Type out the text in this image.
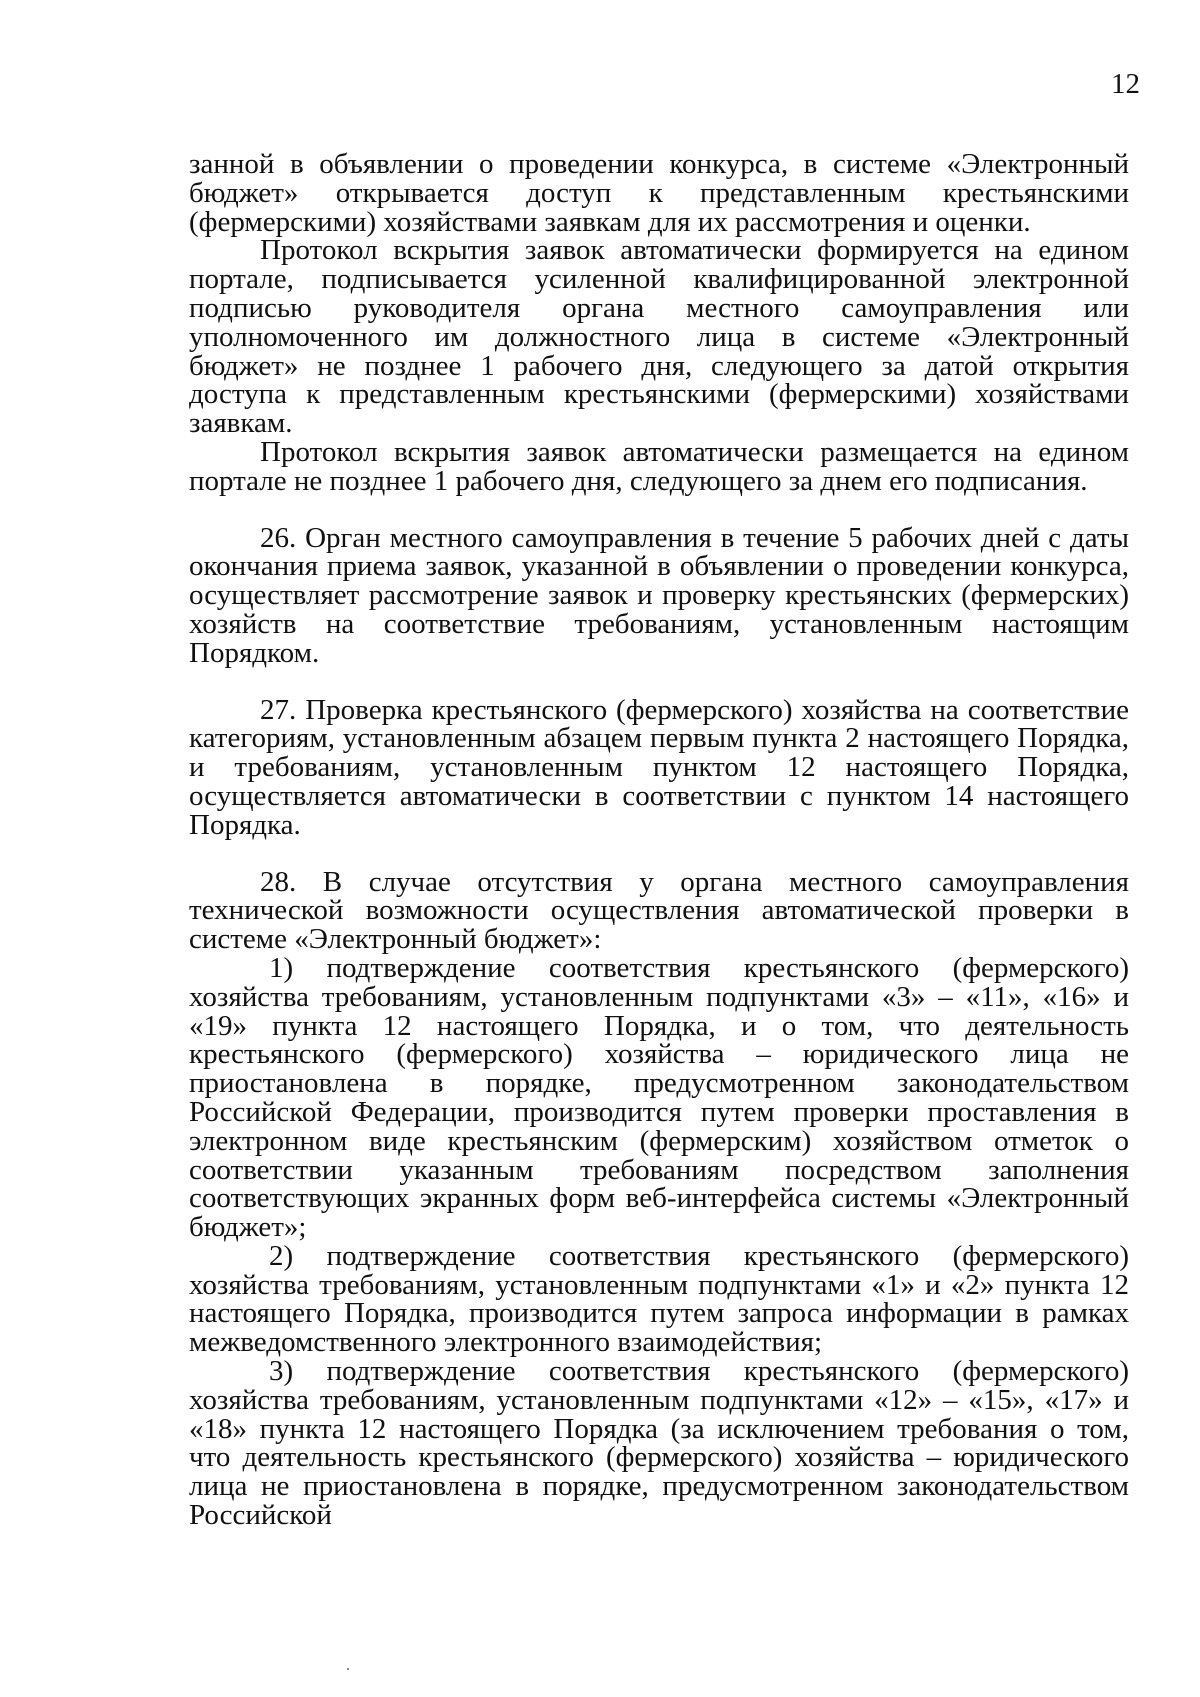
12

занной в объявлении о проведении конкурса, в системе «Электронный бюджет» открывается доступ к представленным крестьянскими (фермерскими) хозяйствами заявкам для их рассмотрения и оценки.

Протокол вскрытия заявок автоматически формируется на едином портале, подписывается усиленной квалифицированной электронной подписью руководителя органа местного самоуправления или уполномоченного им должностного лица в системе «Электронный бюджет» не позднее 1 рабочего дня, следующего за датой открытия доступа к представленным крестьянскими (фермерскими) хозяйствами заявкам.

Протокол вскрытия заявок автоматически размещается на едином портале не позднее 1 рабочего дня, следующего за днем его подписания.

26. Орган местного самоуправления в течение 5 рабочих дней с даты окончания приема заявок, указанной в объявлении о проведении конкурса, осуществляет рассмотрение заявок и проверку крестьянских (фермерских) хозяйств на соответствие требованиям, установленным настоящим Порядком.

27. Проверка крестьянского (фермерского) хозяйства на соответствие категориям, установленным абзацем первым пункта 2 настоящего Порядка, и требованиям, установленным пунктом 12 настоящего Порядка, осуществляется автоматически в соответствии с пунктом 14 настоящего Порядка.

28. В случае отсутствия у органа местного самоуправления технической возможности осуществления автоматической проверки в системе «Электронный бюджет»:

1) подтверждение соответствия крестьянского (фермерского) хозяйства требованиям, установленным подпунктами «3» – «11», «16» и «19» пункта 12 настоящего Порядка, и о том, что деятельность крестьянского (фермерского) хозяйства – юридического лица не приостановлена в порядке, предусмотренном законодательством Российской Федерации, производится путем проверки проставления в электронном виде крестьянским (фермерским) хозяйством отметок о соответствии указанным требованиям посредством заполнения соответствующих экранных форм веб-интерфейса системы «Электронный бюджет»;

2) подтверждение соответствия крестьянского (фермерского) хозяйства требованиям, установленным подпунктами «1» и «2» пункта 12 настоящего Порядка, производится путем запроса информации в рамках межведомственного электронного взаимодействия;

3) подтверждение соответствия крестьянского (фермерского) хозяйства требованиям, установленным подпунктами «12» – «15», «17» и «18» пункта 12 настоящего Порядка (за исключением требования о том, что деятельность крестьянского (фермерского) хозяйства – юридического лица не приостановлена в порядке, предусмотренном законодательством Российской
